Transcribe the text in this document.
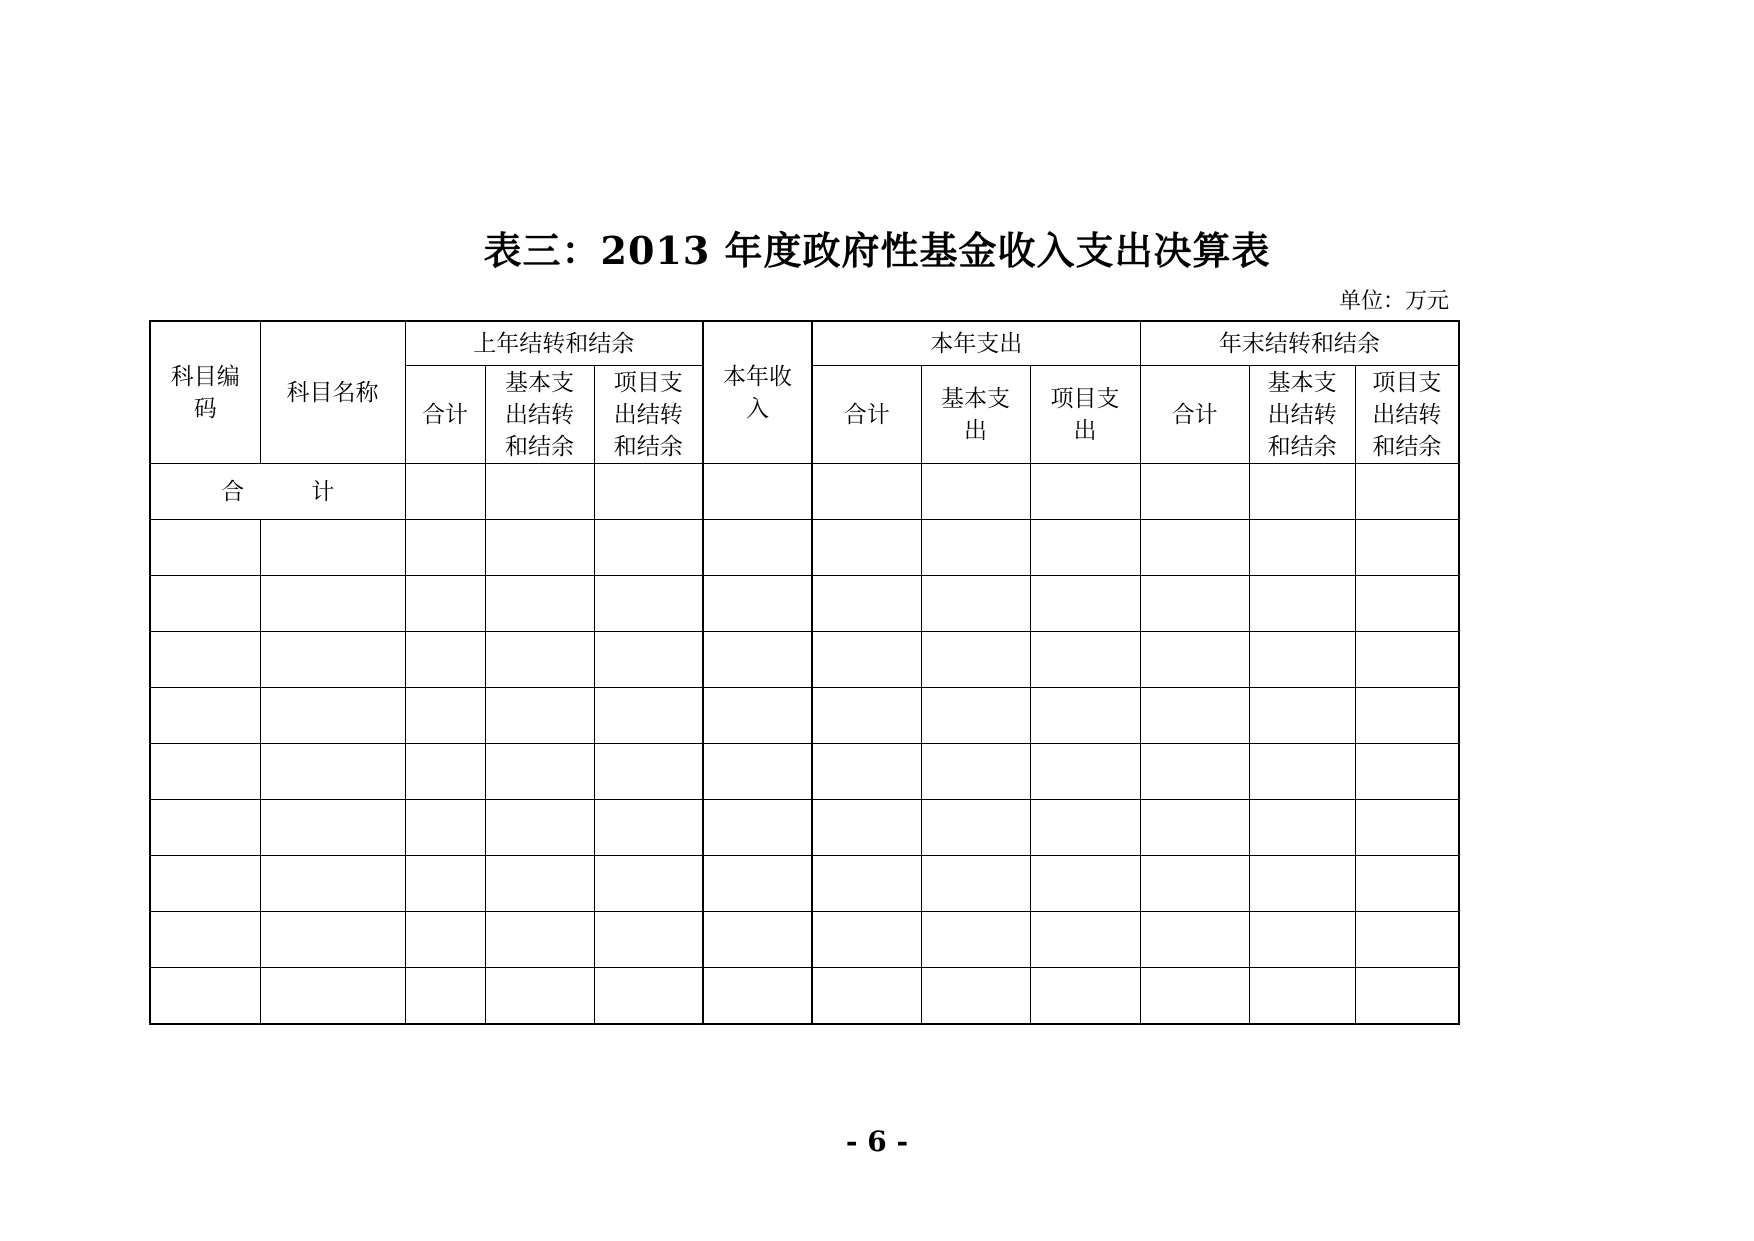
表三：2013 年度政府性基金收入支出决算表
单位：万元
科目编码	科目名称	上年结转和结余			本年收入	本年支出			年末结转和结余		
		合计	基本支出结转和结余	项目支出结转和结余		合计	基本支出	项目支出	合计	基本支出结转和结余	项目支出结转和结余

合 计											

- 6 -
